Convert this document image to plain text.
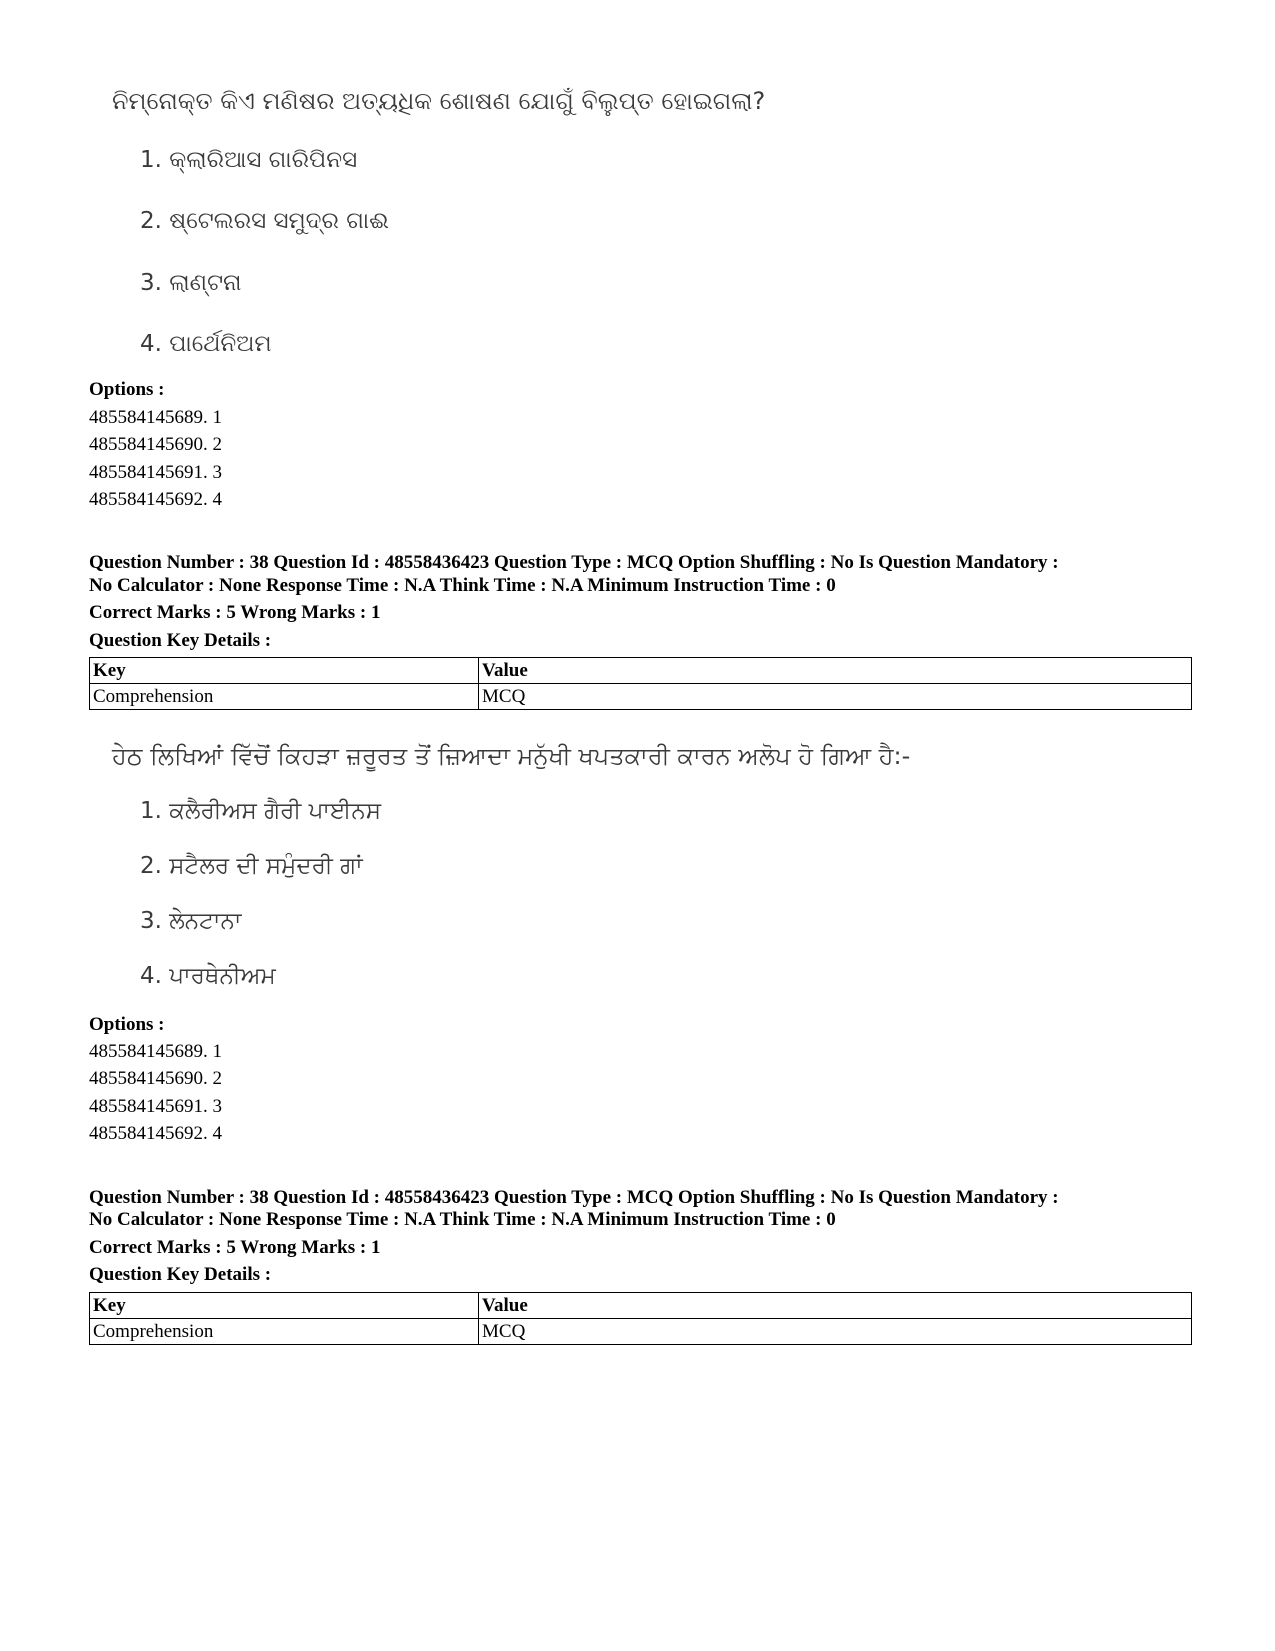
ନିମ୍ନୋକ୍ତ କିଏ ମଣିଷର ଅତ୍ୟଧିକ ଶୋଷଣ ଯୋଗୁଁ ବିଲୁପ୍ତ ହୋଇଗଲା?
1. କ୍ଲାରିଆସ ଗାରିପିନସ
2. ଷ୍ଟେଲରସ ସମୁଦ୍ର ଗାଈ
3. ଲାଣ୍ଟନା
4. ପାର୍ଥେନିଅମ
Options :
485584145689. 1
485584145690. 2
485584145691. 3
485584145692. 4
Question Number : 38 Question Id : 48558436423 Question Type : MCQ Option Shuffling : No Is Question Mandatory :
No Calculator : None Response Time : N.A Think Time : N.A Minimum Instruction Time : 0
Correct Marks : 5 Wrong Marks : 1
Question Key Details :
Key	Value
Comprehension	MCQ
ਹੇਠ ਲਿਖਿਆਂ ਵਿੱਚੋਂ ਕਿਹੜਾ ਜ਼ਰੂਰਤ ਤੋਂ ਜ਼ਿਆਦਾ ਮਨੁੱਖੀ ਖਪਤਕਾਰੀ ਕਾਰਨ ਅਲੋਪ ਹੋ ਗਿਆ ਹੈ:-
1. ਕਲੈਰੀਅਸ ਗੈਰੀ ਪਾਈਨਸ
2. ਸਟੈਲਰ ਦੀ ਸਮੁੰਦਰੀ ਗਾਂ
3. ਲੇਨਟਾਨਾ
4. ਪਾਰਥੇਨੀਅਮ
Options :
485584145689. 1
485584145690. 2
485584145691. 3
485584145692. 4
Question Number : 38 Question Id : 48558436423 Question Type : MCQ Option Shuffling : No Is Question Mandatory :
No Calculator : None Response Time : N.A Think Time : N.A Minimum Instruction Time : 0
Correct Marks : 5 Wrong Marks : 1
Question Key Details :
Key	Value
Comprehension	MCQ
